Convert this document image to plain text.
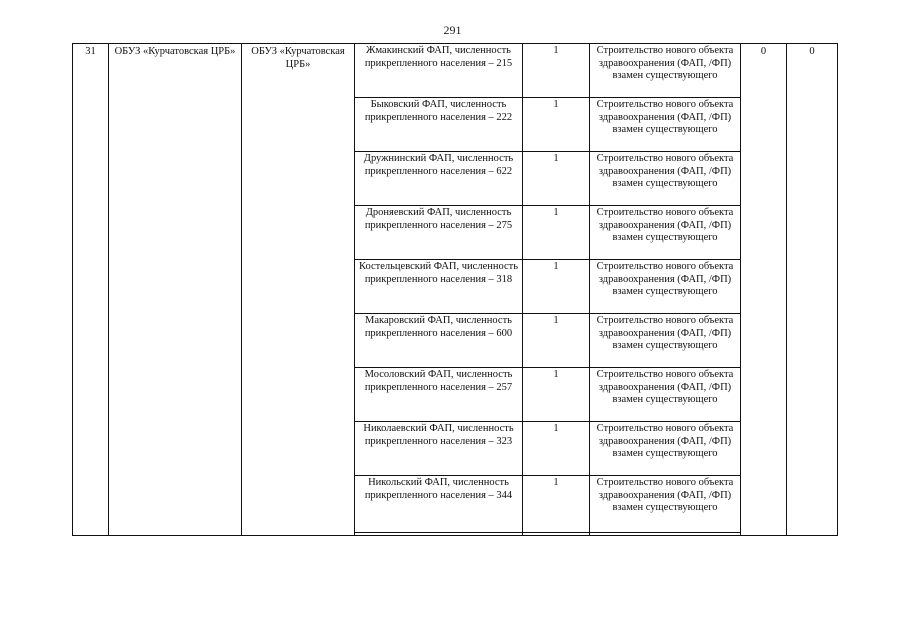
291
31	ОБУЗ «Курчатовская ЦРБ»	ОБУЗ «Курчатовская ЦРБ»	Жмакинский ФАП, численность прикрепленного населения – 215	1	Строительство нового объекта здравоохранения (ФАП, /ФП) взамен существующего	0	0
			Быковский ФАП, численность прикрепленного населения – 222	1	Строительство нового объекта здравоохранения (ФАП, /ФП) взамен существующего		
			Дружнинский ФАП, численность прикрепленного населения – 622	1	Строительство нового объекта здравоохранения (ФАП, /ФП) взамен существующего		
			Дроняевский ФАП, численность прикрепленного населения – 275	1	Строительство нового объекта здравоохранения (ФАП, /ФП) взамен существующего		
			Костельцевский ФАП, численность прикрепленного населения – 318	1	Строительство нового объекта здравоохранения (ФАП, /ФП) взамен существующего		
			Макаровский ФАП, численность прикрепленного населения – 600	1	Строительство нового объекта здравоохранения (ФАП, /ФП) взамен существующего		
			Мосоловский ФАП, численность прикрепленного населения – 257	1	Строительство нового объекта здравоохранения (ФАП, /ФП) взамен существующего		
			Николаевский ФАП, численность прикрепленного населения – 323	1	Строительство нового объекта здравоохранения (ФАП, /ФП) взамен существующего		
			Никольский ФАП, численность прикрепленного населения – 344	1	Строительство нового объекта здравоохранения (ФАП, /ФП) взамен существующего		
